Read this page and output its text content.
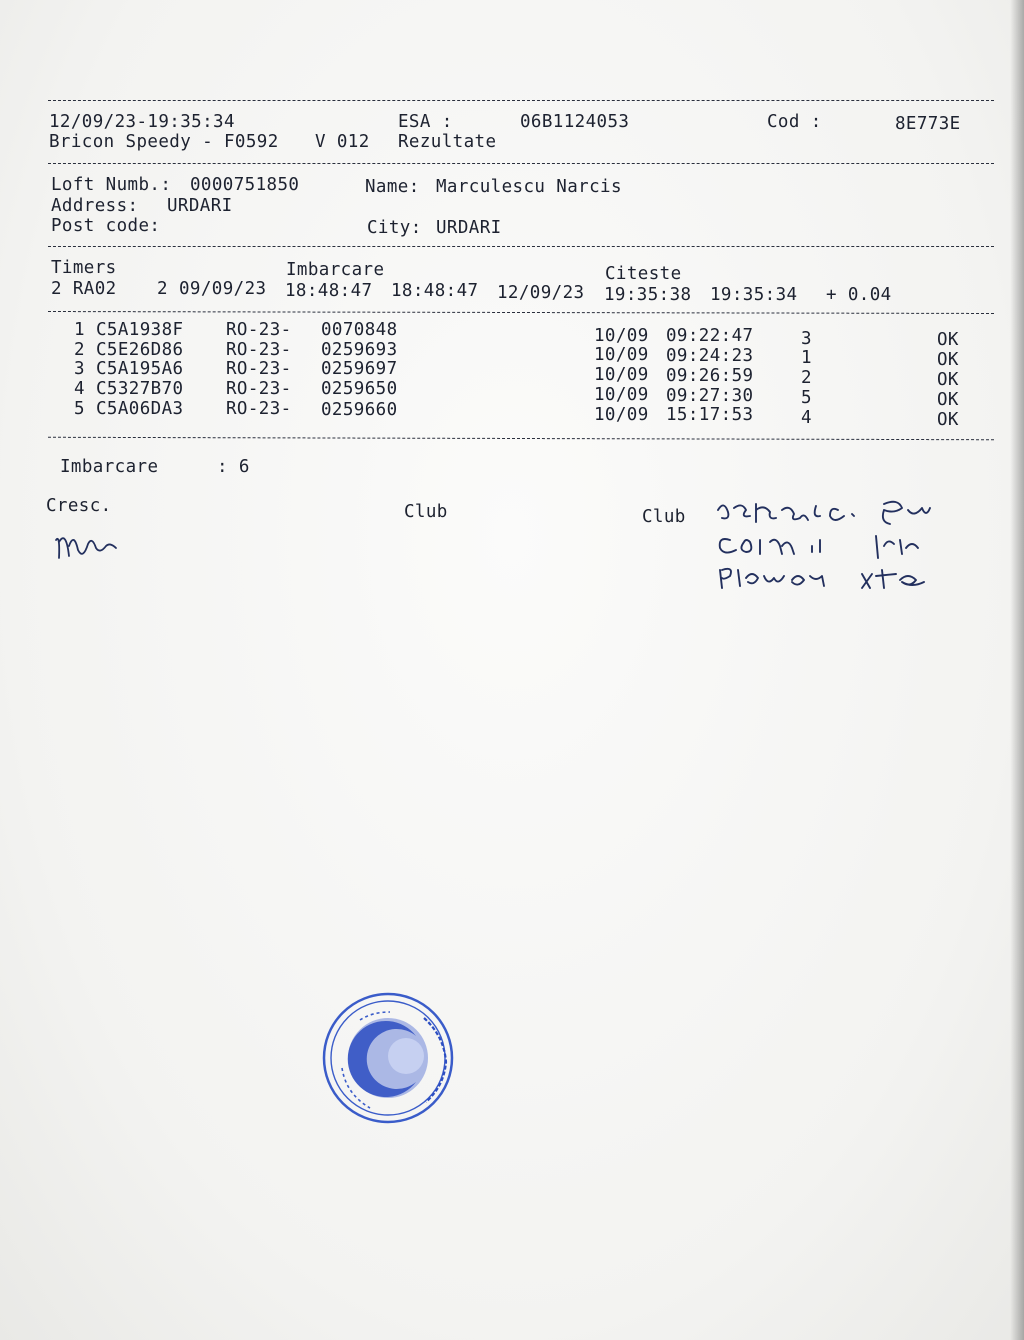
12/09/23-19:35:34	ESA :	06B1124053	Cod :	8E773E
Bricon Speedy - F0592 V 012 Rezultate
Loft Numb.: 0000751850	Name: Marculescu Narcis
Address: URDARI
Post code:	City: URDARI
Timers	Imbarcare	Citeste
2 RA02 2 09/09/23 18:48:47 18:48:47 12/09/23 19:35:38 19:35:34 + 0.04
1 C5A1938F RO-23- 0070848	10/09 09:22:47	3	OK
2 C5E26D86 RO-23- 0259693	10/09 09:24:23	1	OK
3 C5A195A6 RO-23- 0259697	10/09 09:26:59	2	OK
4 C5327B70 RO-23- 0259650	10/09 09:27:30	5	OK
5 C5A06DA3 RO-23- 0259660	10/09 15:17:53	4	OK
Imbarcare	: 6
Cresc.	Club	Club
